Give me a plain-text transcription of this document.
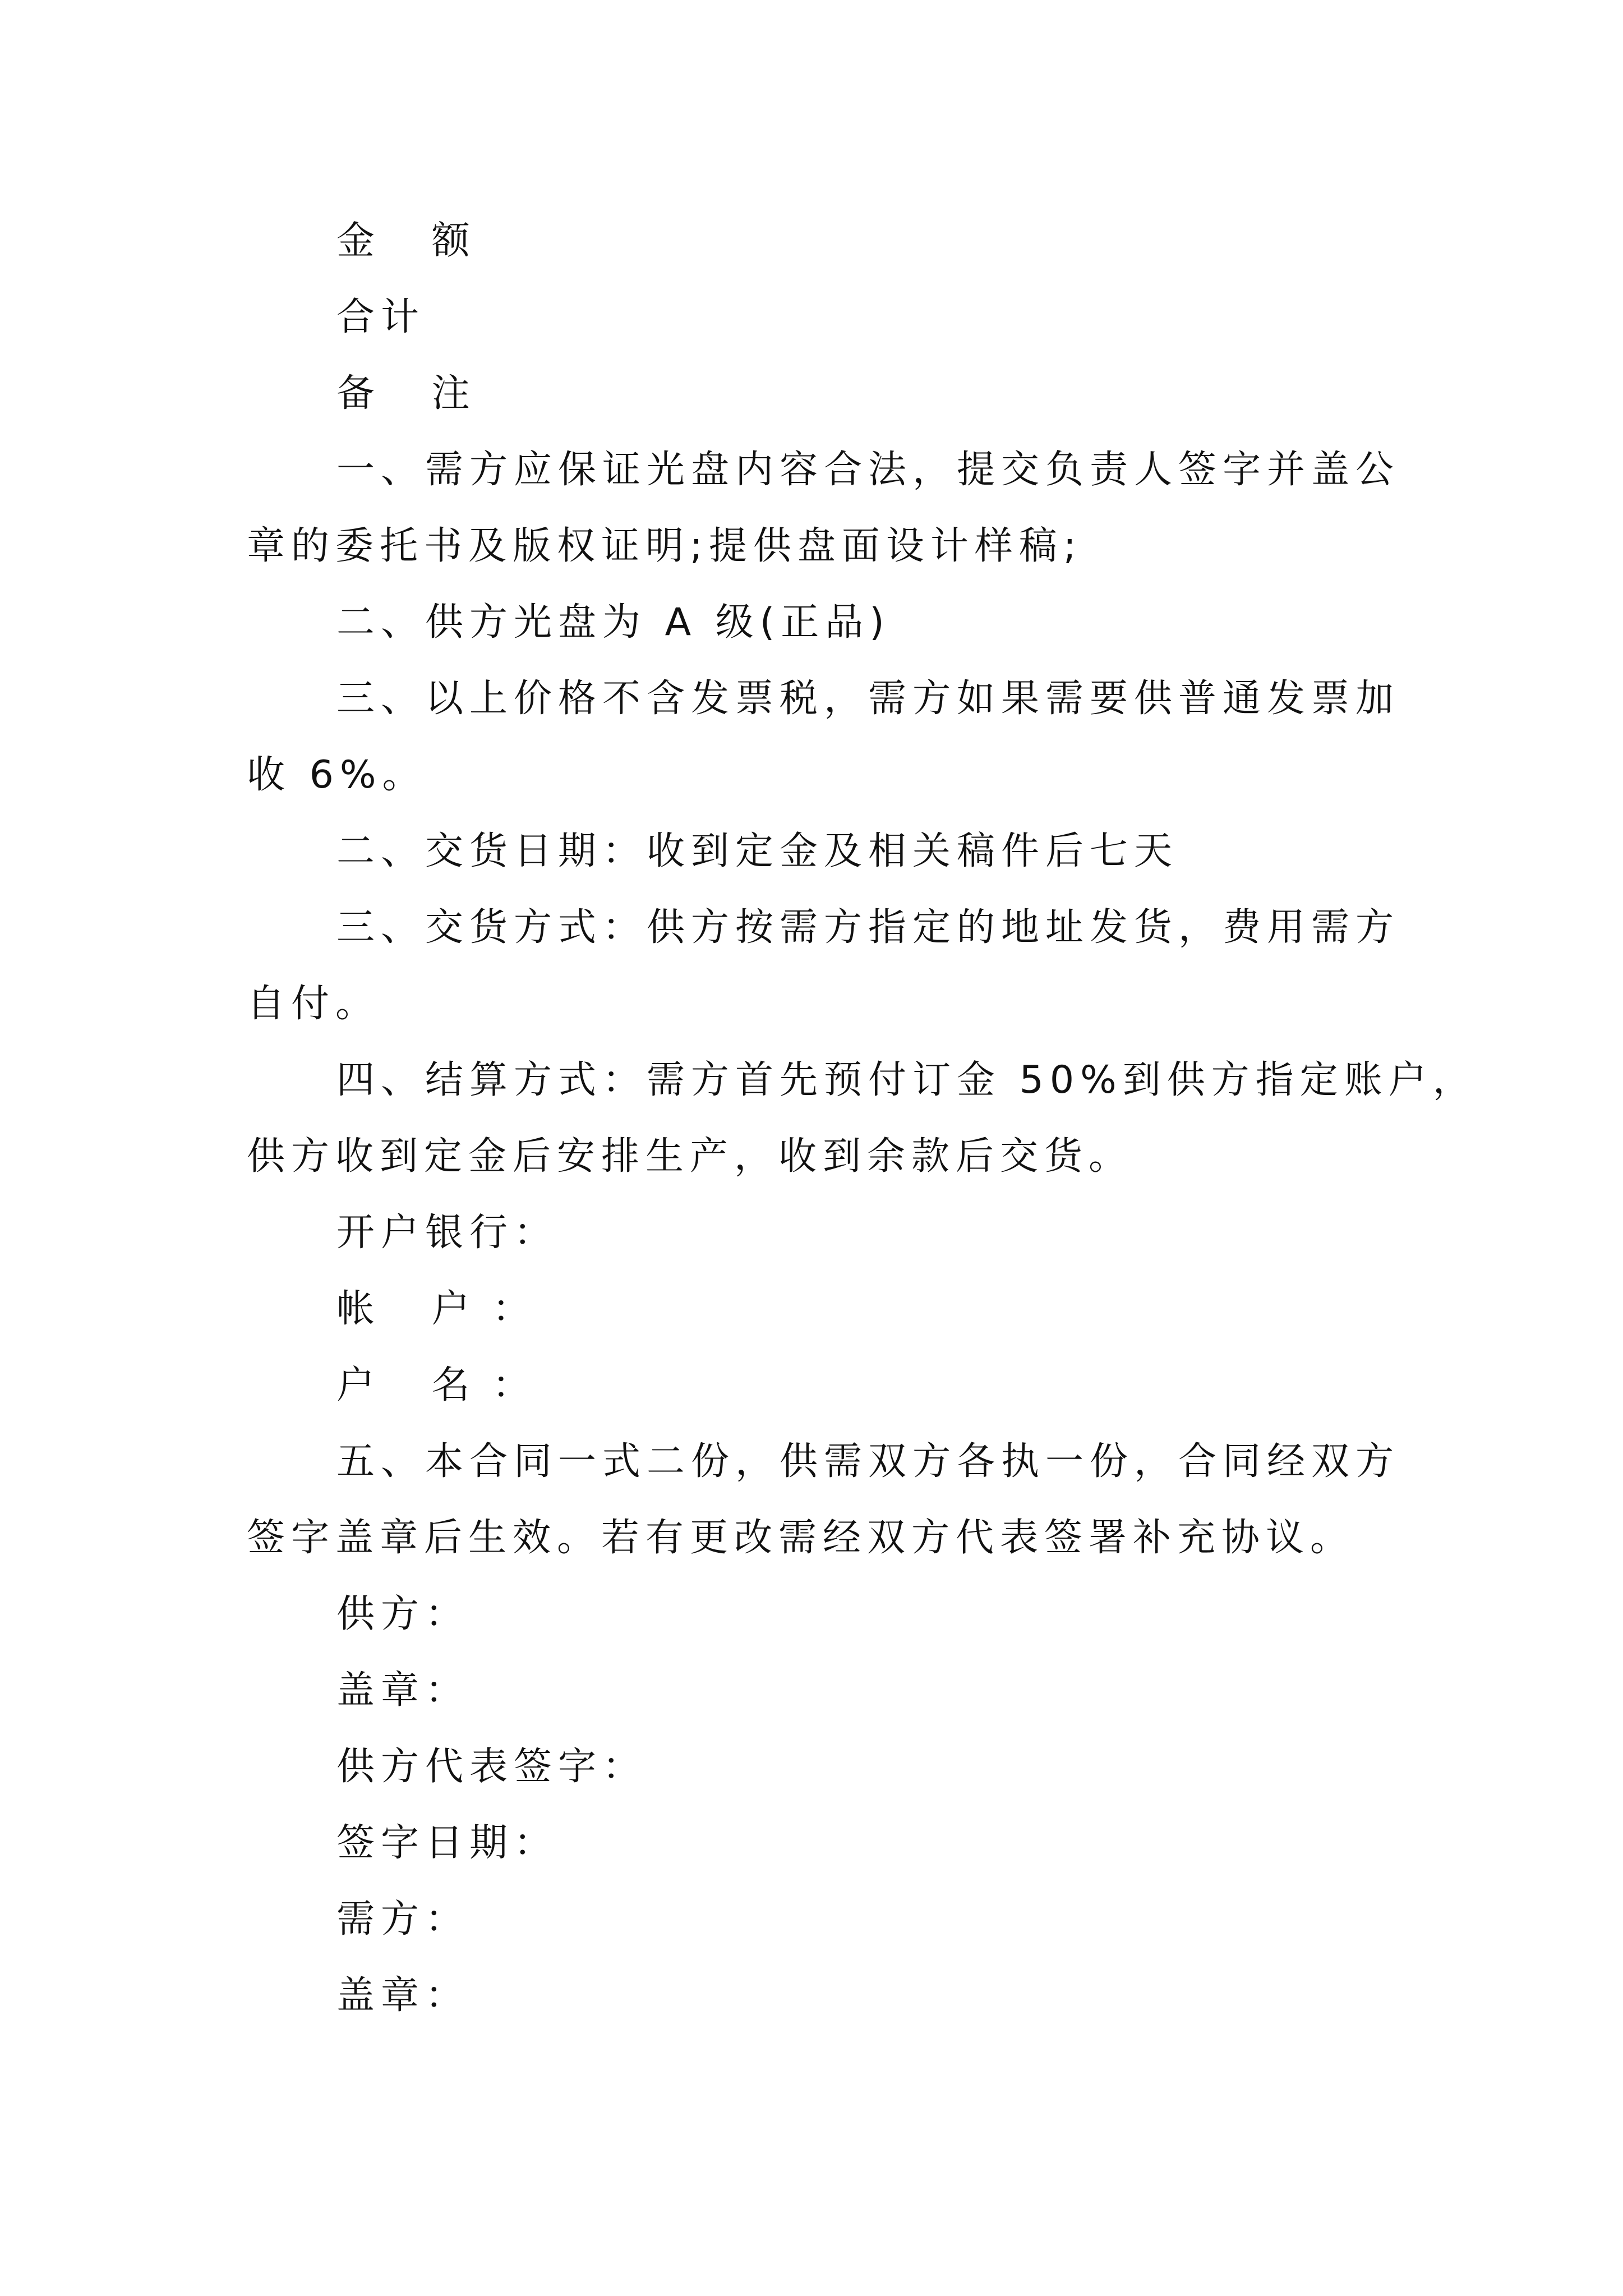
金 额

合计

备 注

一、需方应保证光盘内容合法，提交负责人签字并盖公

章的委托书及版权证明;提供盘面设计样稿;

二、供方光盘为 A 级(正品)

三、以上价格不含发票税，需方如果需要供普通发票加

收 6%。

二、交货日期：收到定金及相关稿件后七天

三、交货方式：供方按需方指定的地址发货，费用需方

自付。

四、结算方式：需方首先预付订金 50%到供方指定账户，

供方收到定金后安排生产，收到余款后交货。

开户银行：

帐 户：

户 名：

五、本合同一式二份，供需双方各执一份，合同经双方

签字盖章后生效。若有更改需经双方代表签署补充协议。

供方：

盖章：

供方代表签字：

签字日期：

需方：

盖章：
